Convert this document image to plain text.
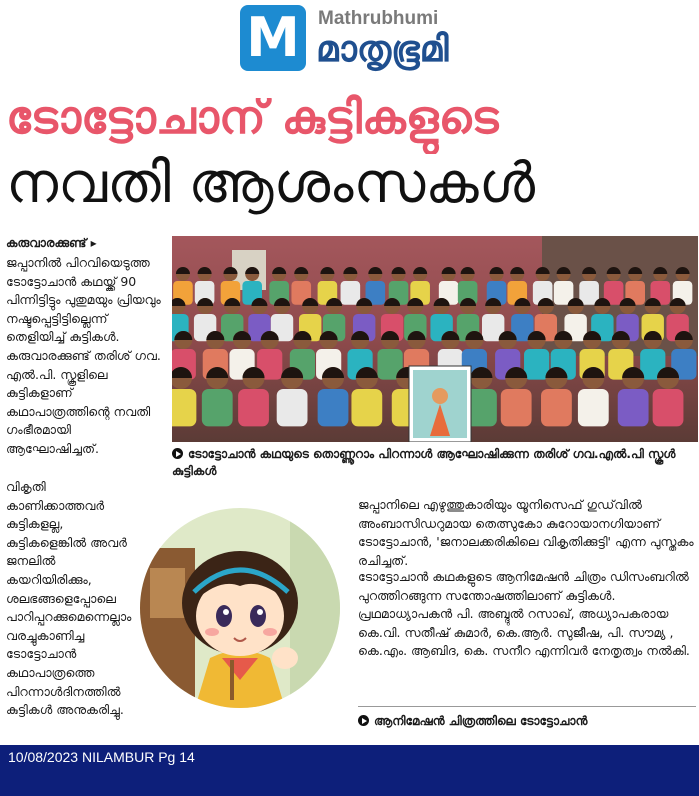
M Mathrubhumi
മാതൃഭൂമി
ടോട്ടോചാന് കുട്ടികളുടെ
നവതി ആശംസകൾ
കരുവാരക്കുണ്ട് ▸
ജപ്പാനിൽ പിറവിയെടുത്ത ടോട്ടോചാൻ കഥയ്ക്ക് 90 പിന്നിട്ടിട്ടും പുതുമയും പ്രിയവും നഷ്ടപ്പെട്ടിട്ടില്ലെന്ന് തെളിയിച്ച് കുട്ടികൾ. കരുവാരക്കുണ്ട് തരിശ് ഗവ. എൽ.പി. സ്കൂളിലെ കുട്ടികളാണ് കഥാപാത്രത്തിന്റെ നവതി ഗംഭീരമായി ആഘോഷിച്ചത്.
വികൃതി കാണിക്കാത്തവർ കുട്ടികളല്ല, കുട്ടികളെങ്കിൽ അവർ ജനലിൽ കയറിയിരിക്കും, ശലഭങ്ങളെപ്പോലെ പാറിപ്പറക്കുമെന്നെല്ലാം വരച്ചുകാണിച്ച ടോട്ടോചാൻ കഥാപാത്രത്തെ പിറന്നാൾദിനത്തിൽ കുട്ടികൾ അനുകരിച്ചു.
ടോട്ടോചാൻ കഥയുടെ തൊണ്ണൂറാം പിറന്നാൾ ആഘോഷിക്കുന്ന തരിശ് ഗവ.എൽ.പി സ്കൂൾ കുട്ടികൾ
ജപ്പാനിലെ എഴുത്തുകാരിയും യൂനിസെഫ് ഗുഡ്‌വിൽ അംബാസിഡറുമായ തെത്സുകോ കുറോയാനഗിയാണ് ടോട്ടോചാൻ, 'ജനാലക്കരികിലെ വികൃതിക്കുട്ടി' എന്ന പുസ്തകം രചിച്ചത്.
ടോട്ടോചാൻ കഥകളുടെ ആനിമേഷൻ ചിത്രം ഡിസംബറിൽ പുറത്തിറങ്ങുന്ന സന്തോഷത്തിലാണ് കുട്ടികൾ. പ്രഥമാധ്യാപകൻ പി. അബ്ദുൽ റസാഖ്, അധ്യാപകരായ കെ.വി. സതീഷ് കുമാർ, കെ.ആർ. സുജീഷ, പി. സൗമ്യ , കെ.എം. ആബിദ, കെ. സനീറ എന്നിവർ നേതൃത്വം നൽകി.
ആനിമേഷൻ ചിത്രത്തിലെ ടോട്ടോചാൻ
10/08/2023 NILAMBUR Pg 14
